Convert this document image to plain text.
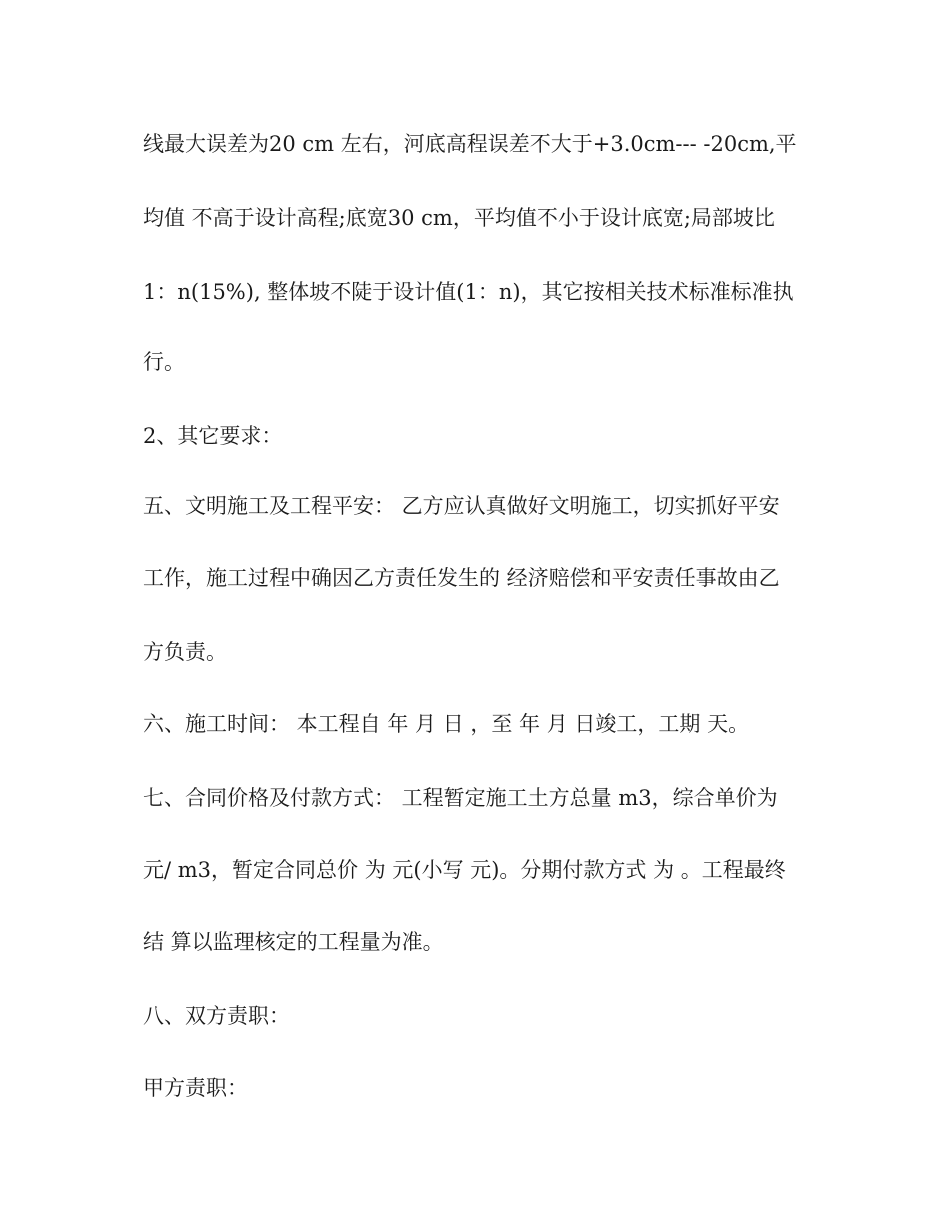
线最大误差为20 cm 左右，河底高程误差不大于+3.0cm--- -20cm,平
均值 不高于设计高程;底宽30 cm，平均值不小于设计底宽;局部坡比
1：n(15%), 整体坡不陡于设计值(1：n)，其它按相关技术标准标准执
行。
2、其它要求：
五、文明施工及工程平安： 乙方应认真做好文明施工，切实抓好平安
工作，施工过程中确因乙方责任发生的 经济赔偿和平安责任事故由乙
方负责。
六、施工时间： 本工程自 年 月 日 ，至 年 月 日竣工，工期 天。
七、合同价格及付款方式： 工程暂定施工土方总量 m3，综合单价为
元/ m3，暂定合同总价 为 元(小写 元)。分期付款方式 为 。工程最终
结 算以监理核定的工程量为准。
八、双方责职：
甲方责职：
